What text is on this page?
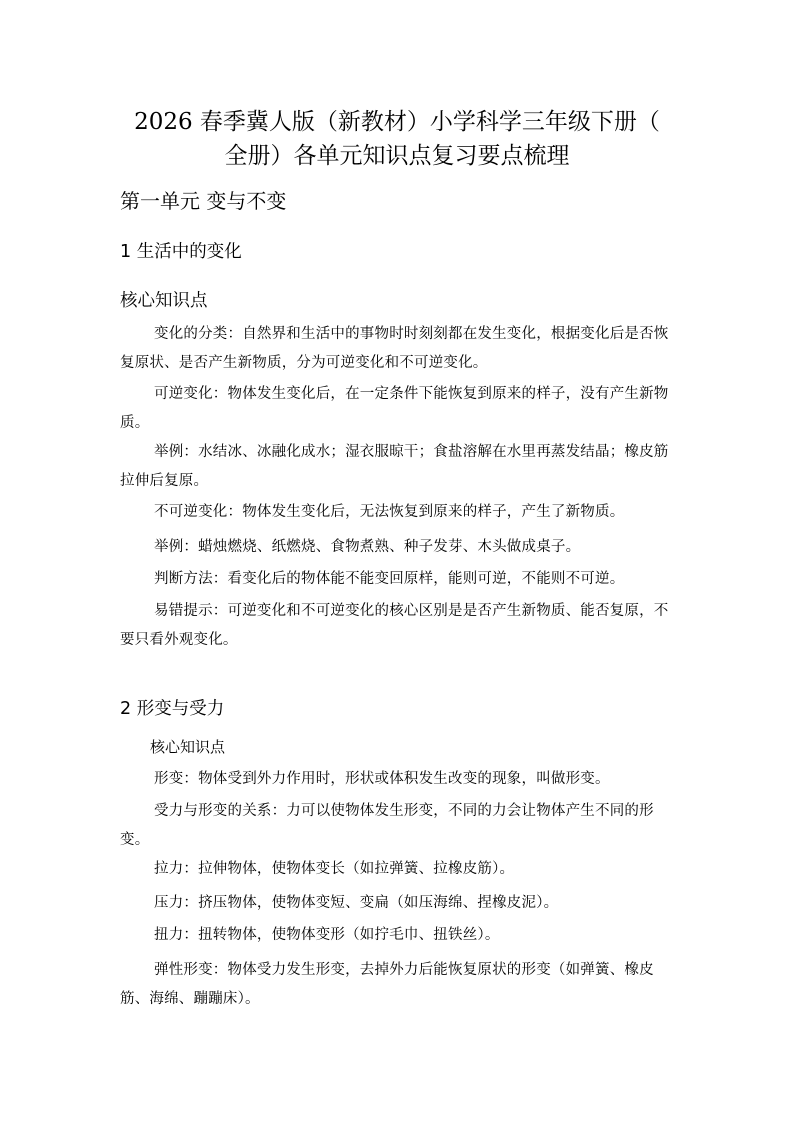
2026 春季冀人版（新教材）小学科学三年级下册（
全册）各单元知识点复习要点梳理
第一单元 变与不变
1 生活中的变化
核心知识点

变化的分类：自然界和生活中的事物时时刻刻都在发生变化，根据变化后是否恢复原状、是否产生新物质，分为可逆变化和不可逆变化。

可逆变化：物体发生变化后，在一定条件下能恢复到原来的样子，没有产生新物质。

举例：水结冰、冰融化成水；湿衣服晾干；食盐溶解在水里再蒸发结晶；橡皮筋拉伸后复原。

不可逆变化：物体发生变化后，无法恢复到原来的样子，产生了新物质。

举例：蜡烛燃烧、纸燃烧、食物煮熟、种子发芽、木头做成桌子。

判断方法：看变化后的物体能不能变回原样，能则可逆，不能则不可逆。

易错提示：可逆变化和不可逆变化的核心区别是是否产生新物质、能否复原，不要只看外观变化。

2 形变与受力
核心知识点

形变：物体受到外力作用时，形状或体积发生改变的现象，叫做形变。

受力与形变的关系：力可以使物体发生形变，不同的力会让物体产生不同的形变。

拉力：拉伸物体，使物体变长（如拉弹簧、拉橡皮筋）。

压力：挤压物体，使物体变短、变扁（如压海绵、捏橡皮泥）。

扭力：扭转物体，使物体变形（如拧毛巾、扭铁丝）。

弹性形变：物体受力发生形变，去掉外力后能恢复原状的形变（如弹簧、橡皮筋、海绵、蹦蹦床）。
